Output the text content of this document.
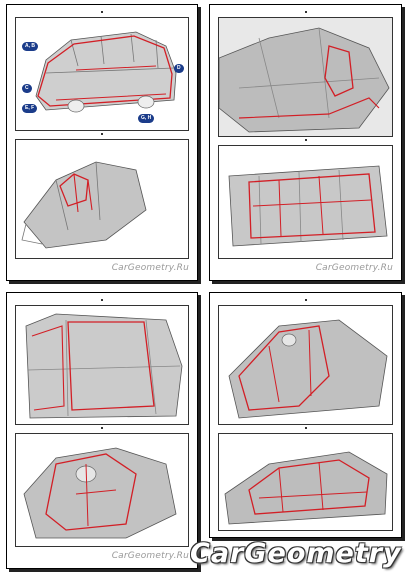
A, B
C
E, F
G, H
D
CarGeometry.Ru	CarGeometry.Ru
CarGeometry.Ru CarGeometry
